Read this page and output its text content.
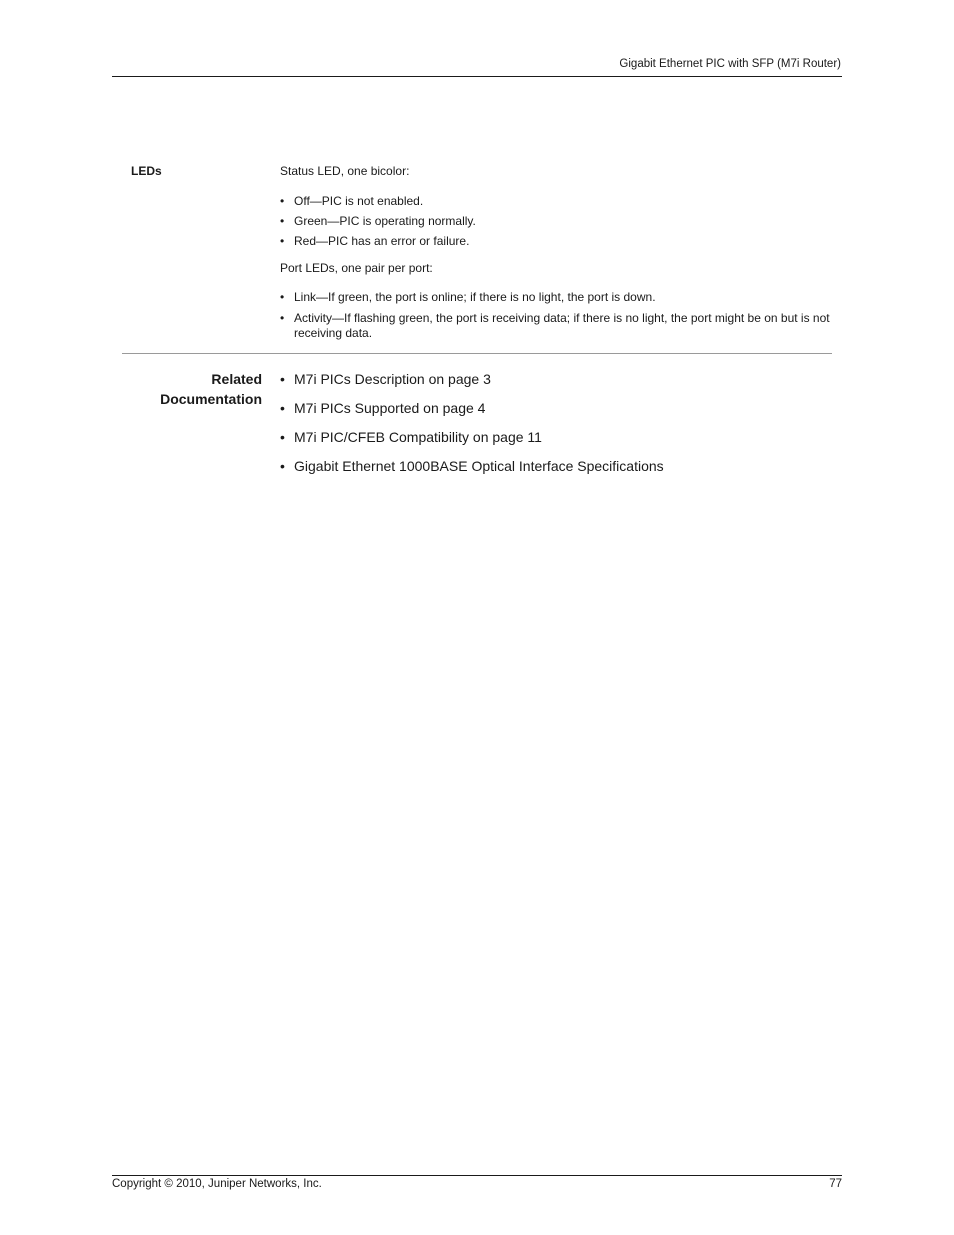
Gigabit Ethernet PIC with SFP (M7i Router)
LEDs	Status LED, one bicolor:

• Off—PIC is not enabled.
• Green—PIC is operating normally.
• Red—PIC has an error or failure.

Port LEDs, one pair per port:

• Link—If green, the port is online; if there is no light, the port is down.
• Activity—If flashing green, the port is receiving data; if there is no light, the port might be on but is not receiving data.
Related
Documentation
• M7i PICs Description on page 3
• M7i PICs Supported on page 4
• M7i PIC/CFEB Compatibility on page 11
• Gigabit Ethernet 1000BASE Optical Interface Specifications
Copyright © 2010, Juniper Networks, Inc.	77
